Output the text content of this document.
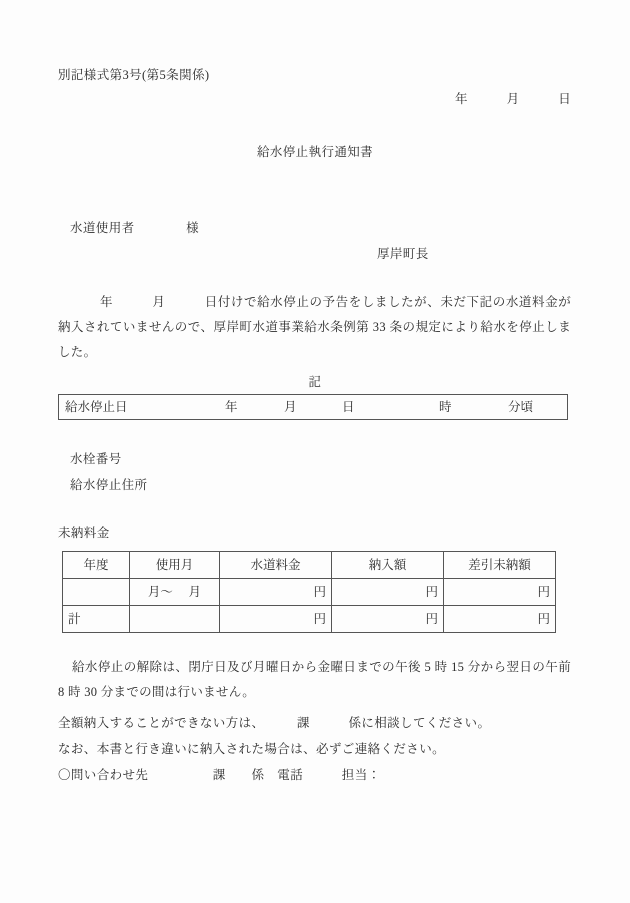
別記様式第3号(第5条関係)
年　　　月　　　日
給水停止執行通知書
水道使用者　　　　様
厚岸町長
年　　　月　　　日付けで給水停止の予告をしましたが、未だ下記の水道料金が納入されていませんので、厚岸町水道事業給水条例第 33 条の規定により給水を停止しました。
記
給水停止日	年	月	日	時	分頃
水栓番号
給水停止住所
未納料金
年度	使用月	水道料金	納入額	差引未納額
	月～　 月	円	円	円
計		円	円	円
給水停止の解除は、閉庁日及び月曜日から金曜日までの午後 5 時 15 分から翌日の午前 8 時 30 分までの間は行いません。
全額納入することができない方は、　　　課　　　係に相談してください。
なお、本書と行き違いに納入された場合は、必ずご連絡ください。
〇問い合わせ先　　　　　課　　係　電話　　　担当：
